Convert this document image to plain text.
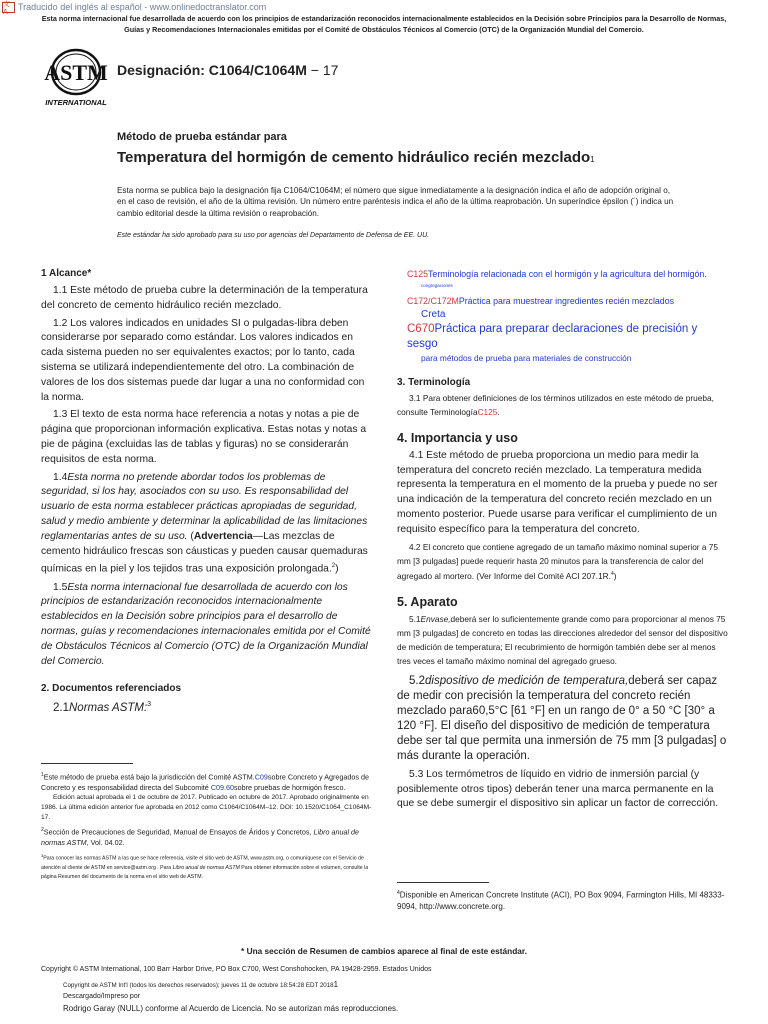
文A	Traducido del inglés al español - www.onlinedoctranslator.com
Esta norma internacional fue desarrollada de acuerdo con los principios de estandarización reconocidos internacionalmente establecidos en la Decisión sobre Principios para la Desarrollo de Normas, Guías y Recomendaciones Internacionales emitidas por el Comité de Obstáculos Técnicos al Comercio (OTC) de la Organización Mundial del Comercio.
ASTM
INTERNATIONAL
Designación: C1064/C1064M − 17
Método de prueba estándar para
Temperatura del hormigón de cemento hidráulico recién mezclado1
Esta norma se publica bajo la designación fija C1064/C1064M; el número que sigue inmediatamente a la designación indica el año de adopción original o, en el caso de revisión, el año de la última revisión. Un número entre paréntesis indica el año de la última reaprobación. Un superíndice épsilon (´) indica un cambio editorial desde la última revisión o reaprobación.
Este estándar ha sido aprobado para su uso por agencias del Departamento de Defensa de EE. UU.
1 Alcance*

1.1 Este método de prueba cubre la determinación de la temperatura del concreto de cemento hidráulico recién mezclado.

1.2 Los valores indicados en unidades SI o pulgadas-libra deben considerarse por separado como estándar. Los valores indicados en cada sistema pueden no ser equivalentes exactos; por lo tanto, cada sistema se utilizará independientemente del otro. La combinación de valores de los dos sistemas puede dar lugar a una no conformidad con la norma.

1.3 El texto de esta norma hace referencia a notas y notas a pie de página que proporcionan información explicativa. Estas notas y notas a pie de página (excluidas las de tablas y figuras) no se considerarán requisitos de esta norma.

1.4Esta norma no pretende abordar todos los problemas de seguridad, si los hay, asociados con su uso. Es responsabilidad del usuario de esta norma establecer prácticas apropiadas de seguridad, salud y medio ambiente y determinar la aplicabilidad de las limitaciones reglamentarias antes de su uso. (Advertencia—Las mezclas de cemento hidráulico frescas son cáusticas y pueden causar quemaduras químicas en la piel y los tejidos tras una exposición prolongada.$^2$)

1.5Esta norma internacional fue desarrollada de acuerdo con los principios de estandarización reconocidos internacionalmente establecidos en la Decisión sobre principios para el desarrollo de normas, guías y recomendaciones internacionales emitida por el Comité de Obstáculos Técnicos al Comercio (OTC) de la Organización Mundial del Comercio.

2. Documentos referenciados

2.1Normas ASTM:$^3$

$^1$Este método de prueba está bajo la jurisdicción del Comité ASTM.C09sobre Concreto y Agregados de Concreto y es responsabilidad directa del Subcomité C09.60sobre pruebas de hormigón fresco.
Edición actual aprobada el 1 de octubre de 2017. Publicado en octubre de 2017. Aprobado originalmente en 1986. La última edición anterior fue aprobada en 2012 como C1064/C1064M–12. DOI: 10.1520/C1064_C1064M-17.
$^2$Sección de Precauciones de Seguridad, Manual de Ensayos de Áridos y Concretos, Libro anual de normas ASTM, Vol. 04.02.
$^3$Para conocer las normas ASTM a las que se hace referencia, visite el sitio web de ASTM, www.astm.org, o comuníquese con el Servicio de atención al cliente de ASTM en service@astm.org . Para Libro anual de normas ASTM Para obtener información sobre el volumen, consulte la página Resumen del documento de la norma en el sitio web de ASTM.
C125Terminología relacionada con el hormigón y la agricultura del hormigón.
congregaciones
C172/C172MPráctica para muestrear ingredientes recién mezclados
Creta
C670Práctica para preparar declaraciones de precisión y sesgo
para métodos de prueba para materiales de construcción
3. Terminología

3.1 Para obtener definiciones de los términos utilizados en este método de prueba, consulte TerminologíaC125.

4. Importancia y uso

4.1 Este método de prueba proporciona un medio para medir la temperatura del concreto recién mezclado. La temperatura medida representa la temperatura en el momento de la prueba y puede no ser una indicación de la temperatura del concreto recién mezclado en un momento posterior. Puede usarse para verificar el cumplimiento de un requisito específico para la temperatura del concreto.

4.2 El concreto que contiene agregado de un tamaño máximo nominal superior a 75 mm [3 pulgadas] puede requerir hasta 20 minutos para la transferencia de calor del agregado al mortero. (Ver Informe del Comité ACI 207.1R.$^4$)

5. Aparato

5.1Envase,deberá ser lo suficientemente grande como para proporcionar al menos 75 mm [3 pulgadas] de concreto en todas las direcciones alrededor del sensor del dispositivo de medición de temperatura; El recubrimiento de hormigón también debe ser al menos tres veces el tamaño máximo nominal del agregado grueso.

5.2dispositivo de medición de temperatura,deberá ser capaz de medir con precisión la temperatura del concreto recién mezclado para60,5°C [61 °F] en un rango de 0° a 50 °C [30° a 120 °F]. El diseño del dispositivo de medición de temperatura debe ser tal que permita una inmersión de 75 mm [3 pulgadas] o más durante la operación.

5.3 Los termómetros de líquido en vidrio de inmersión parcial (y posiblemente otros tipos) deberán tener una marca permanente en la que se debe sumergir el dispositivo sin aplicar un factor de corrección.

$^4$Disponible en American Concrete Institute (ACI), PO Box 9094, Farmington Hills, MI 48333-9094, http://www.concrete.org.
* Una sección de Resumen de cambios aparece al final de este estándar.
Copyright © ASTM International, 100 Barr Harbor Drive, PO Box C700, West Conshohocken, PA 19428-2959. Estados Unidos
Copyright de ASTM Int'l (todos los derechos reservados); jueves 11 de octubre 18:54:28 EDT 20181
Descargado/Impreso por
Rodrigo Garay (NULL) conforme al Acuerdo de Licencia. No se autorizan más reproducciones.
